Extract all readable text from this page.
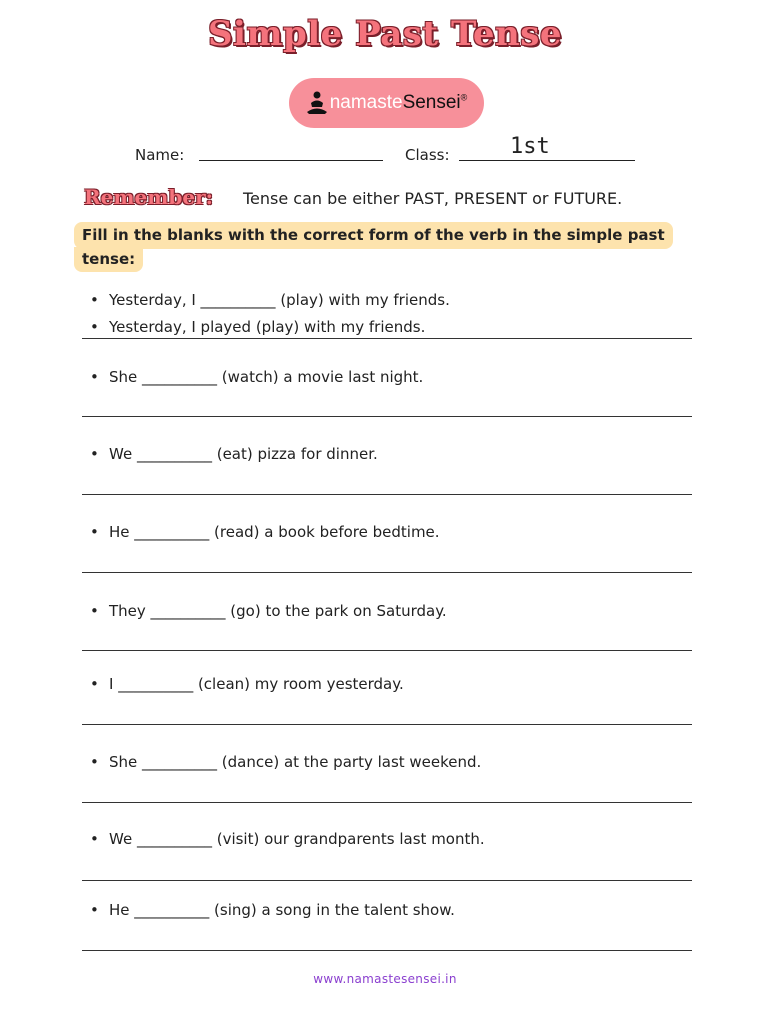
Simple Past Tense
namasteSensei®
Name:	Class:	1st
Remember: Tense can be either PAST, PRESENT or FUTURE.
Fill in the blanks with the correct form of the verb in the simple past
tense:
• Yesterday, I __________ (play) with my friends.
• Yesterday, I played (play) with my friends.
• She __________ (watch) a movie last night.
• We __________ (eat) pizza for dinner.
• He __________ (read) a book before bedtime.
• They __________ (go) to the park on Saturday.
• I __________ (clean) my room yesterday.
• She __________ (dance) at the party last weekend.
• We __________ (visit) our grandparents last month.
• He __________ (sing) a song in the talent show.
www.namastesensei.in
